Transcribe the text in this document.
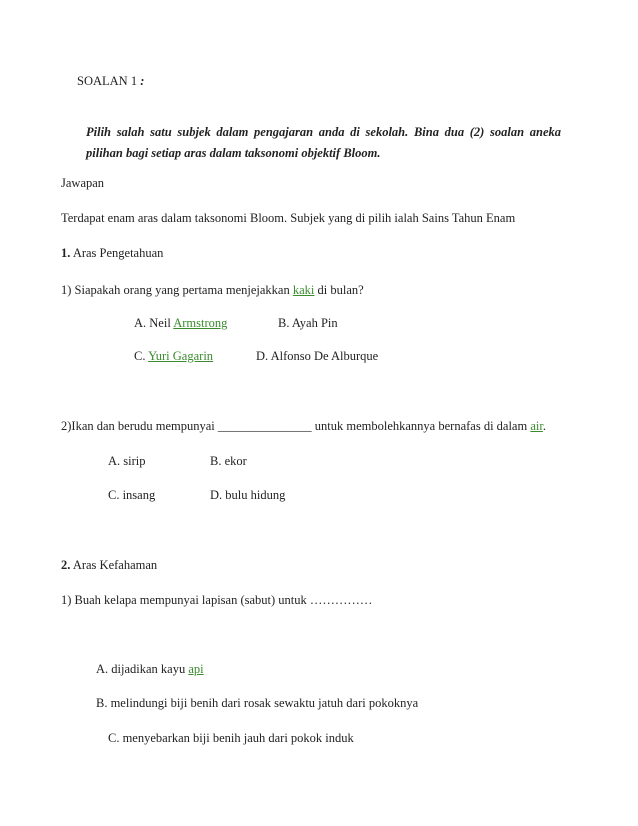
SOALAN 1 :
Pilih salah satu subjek dalam pengajaran anda di sekolah. Bina dua (2) soalan aneka pilihan bagi setiap aras dalam taksonomi objektif Bloom.
Jawapan
Terdapat enam aras dalam taksonomi Bloom. Subjek yang di pilih ialah Sains Tahun Enam
1. Aras Pengetahuan
1) Siapakah orang yang pertama menjejakkan kaki di bulan?
A. Neil Armstrong	B. Ayah Pin
C. Yuri Gagarin	D. Alfonso De Alburque
2)Ikan dan berudu mempunyai _______________ untuk membolehkannya bernafas di dalam air.
A. sirip	B. ekor
C. insang	D. bulu hidung
2. Aras Kefahaman
1) Buah kelapa mempunyai lapisan (sabut) untuk ……………
A. dijadikan kayu api
B. melindungi biji benih dari rosak sewaktu jatuh dari pokoknya
C. menyebarkan biji benih jauh dari pokok induk
